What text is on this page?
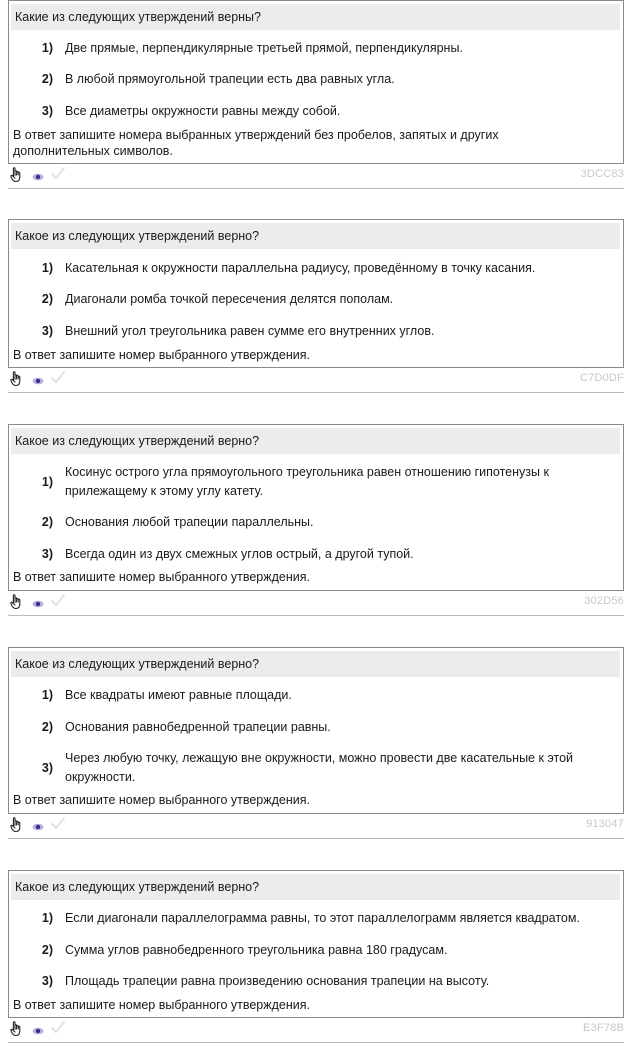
Какие из следующих утверждений верны?
1) Две прямые, перпендикулярные третьей прямой, перпендикулярны.
2) В любой прямоугольной трапеции есть два равных угла.
3) Все диаметры окружности равны между собой.
В ответ запишите номера выбранных утверждений без пробелов, запятых и других дополнительных символов.
3DCC83
Какое из следующих утверждений верно?
1) Касательная к окружности параллельна радиусу, проведённому в точку касания.
2) Диагонали ромба точкой пересечения делятся пополам.
3) Внешний угол треугольника равен сумме его внутренних углов.
В ответ запишите номер выбранного утверждения.
C7D0DF
Какое из следующих утверждений верно?
1)
Косинус острого угла прямоугольного треугольника равен отношению гипотенузы к прилежащему к этому углу катету.
2) Основания любой трапеции параллельны.
3) Всегда один из двух смежных углов острый, а другой тупой.
В ответ запишите номер выбранного утверждения.
302D56
Какое из следующих утверждений верно?
1) Все квадраты имеют равные площади.
2) Основания равнобедренной трапеции равны.
3)
Через любую точку, лежащую вне окружности, можно провести две касательные к этой окружности.
В ответ запишите номер выбранного утверждения.
913047
Какое из следующих утверждений верно?
1) Если диагонали параллелограмма равны, то этот параллелограмм является квадратом.
2) Сумма углов равнобедренного треугольника равна 180 градусам.
3) Площадь трапеции равна произведению основания трапеции на высоту.
В ответ запишите номер выбранного утверждения.
E3F78B
